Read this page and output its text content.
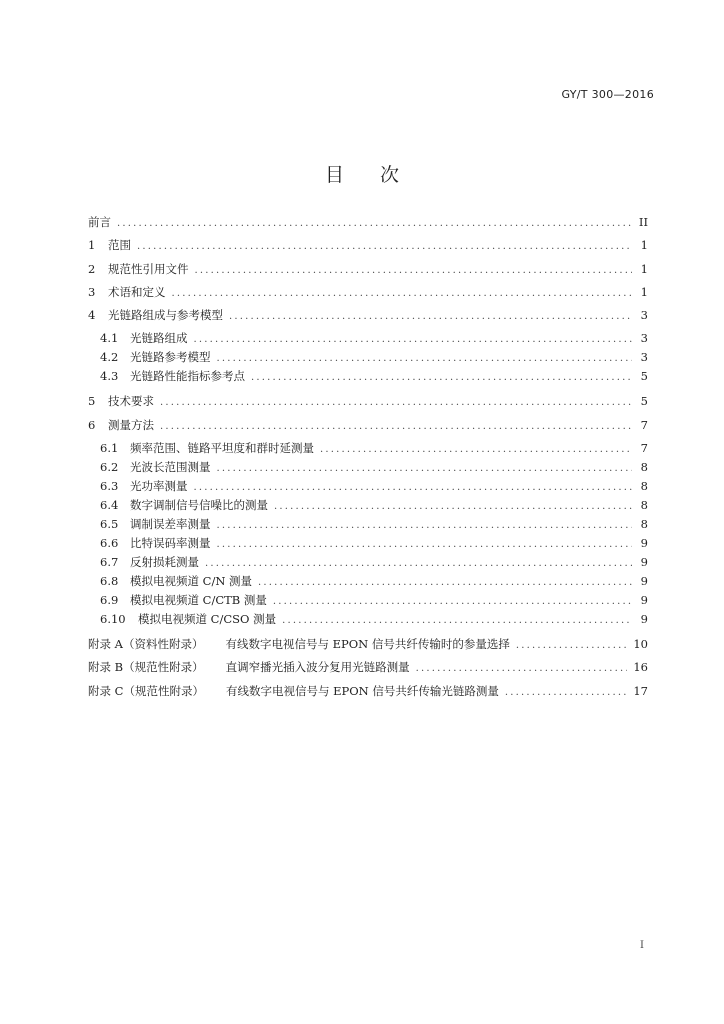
GY/T 300—2016
目次
前言 .....	II
1	范围 .....	1
2	规范性引用文件 .....	1
3	术语和定义 .....	1
4	光链路组成与参考模型 .....	3
4.1	光链路组成 .....	3
4.2	光链路参考模型 .....	3
4.3	光链路性能指标参考点 .....	5
5	技术要求 .....	5
6	测量方法 .....	7
6.1	频率范围、链路平坦度和群时延测量 .....	7
6.2	光波长范围测量 .....	8
6.3	光功率测量 .....	8
6.4	数字调制信号信噪比的测量 .....	8
6.5	调制误差率测量 .....	8
6.6	比特误码率测量 .....	9
6.7	反射损耗测量 .....	9
6.8	模拟电视频道 C/N 测量 .....	9
6.9	模拟电视频道 C/CTB 测量 .....	9
6.10	模拟电视频道 C/CSO 测量 .....	9
附录 A（资料性附录） 有线数字电视信号与 EPON 信号共纤传输时的参量选择 .....	10
附录 B（规范性附录） 直调窄播光插入波分复用光链路测量 .....	16
附录 C（规范性附录） 有线数字电视信号与 EPON 信号共纤传输光链路测量 .....	17
I
